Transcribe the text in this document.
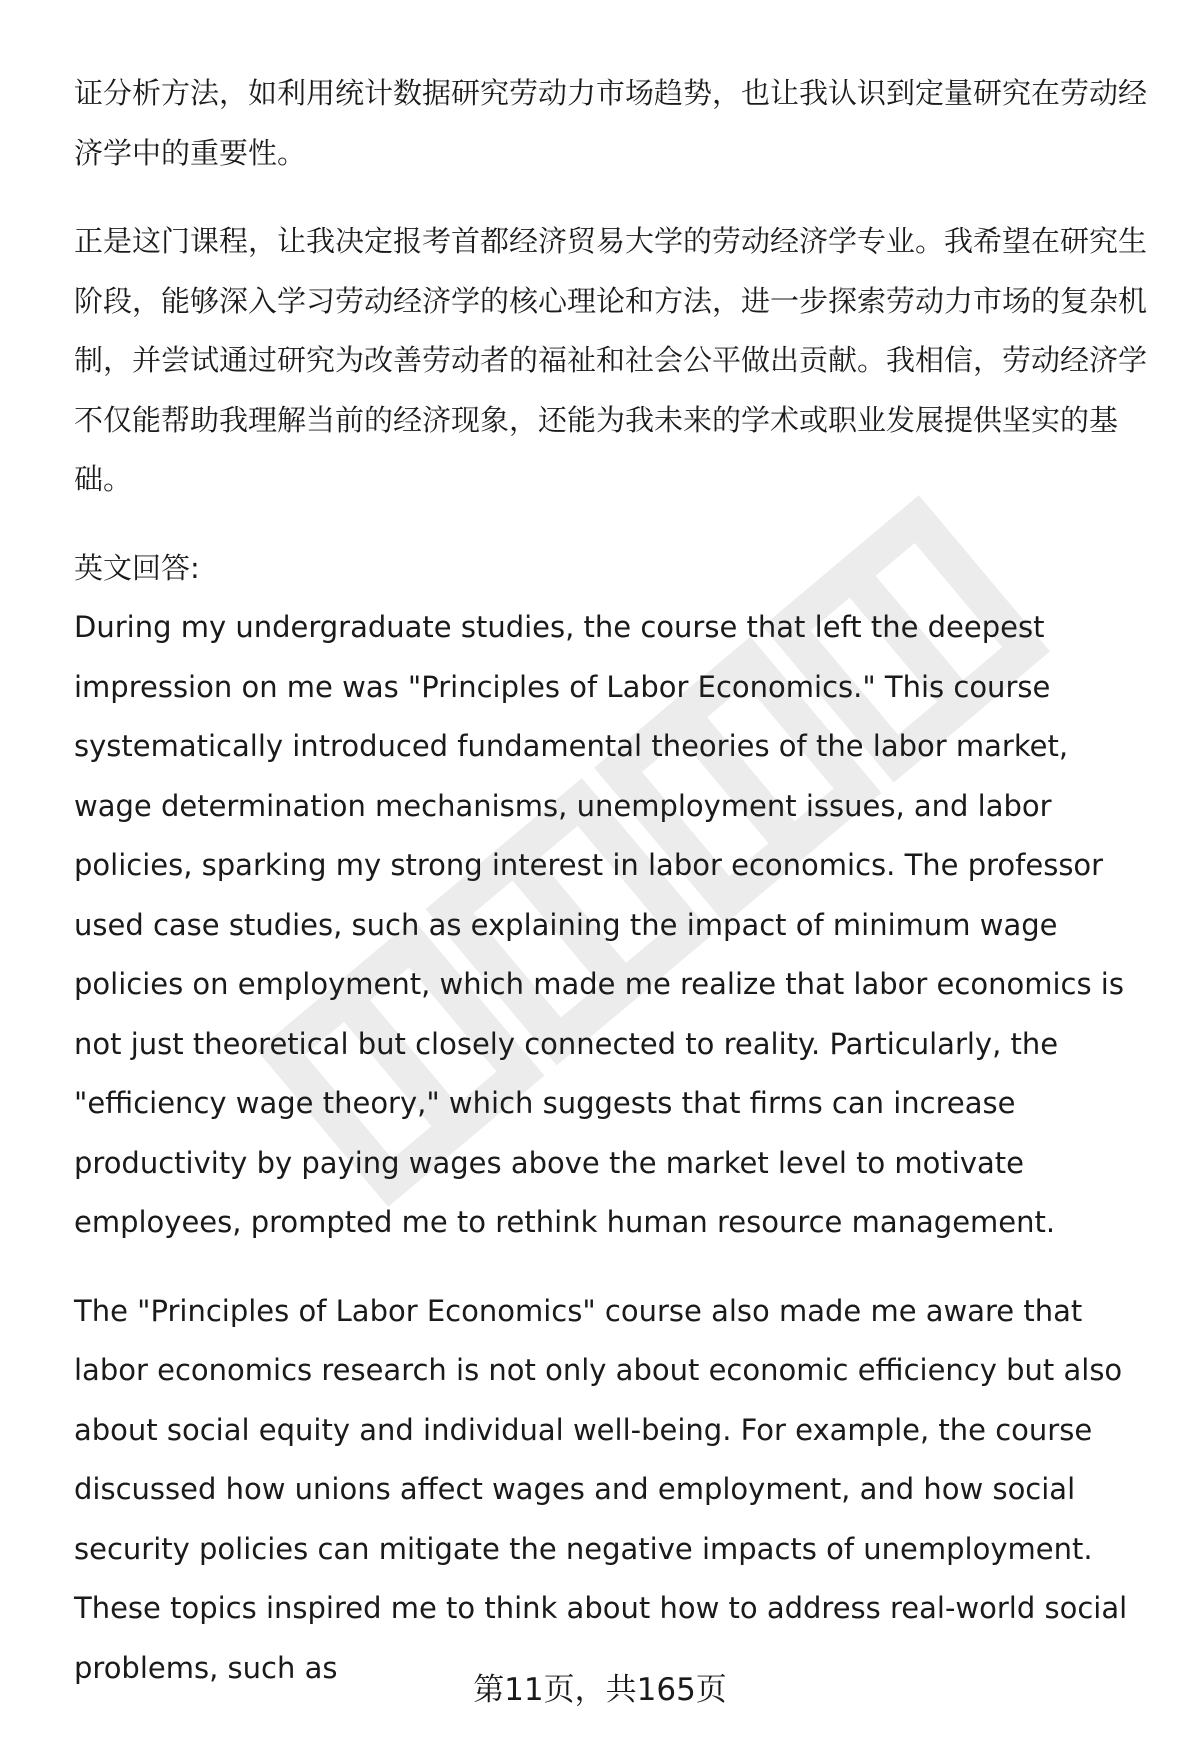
证分析方法，如利用统计数据研究劳动力市场趋势，也让我认识到定量研究在劳动经济学中的重要性。

正是这门课程，让我决定报考首都经济贸易大学的劳动经济学专业。我希望在研究生阶段，能够深入学习劳动经济学的核心理论和方法，进一步探索劳动力市场的复杂机制，并尝试通过研究为改善劳动者的福祉和社会公平做出贡献。我相信，劳动经济学不仅能帮助我理解当前的经济现象，还能为我未来的学术或职业发展提供坚实的基础。

英文回答:

During my undergraduate studies, the course that left the deepest impression on me was "Principles of Labor Economics." This course systematically introduced fundamental theories of the labor market, wage determination mechanisms, unemployment issues, and labor policies, sparking my strong interest in labor economics. The professor used case studies, such as explaining the impact of minimum wage policies on employment, which made me realize that labor economics is not just theoretical but closely connected to reality. Particularly, the "efficiency wage theory," which suggests that firms can increase productivity by paying wages above the market level to motivate employees, prompted me to rethink human resource management.

The "Principles of Labor Economics" course also made me aware that labor economics research is not only about economic efficiency but also about social equity and individual well-being. For example, the course discussed how unions affect wages and employment, and how social security policies can mitigate the negative impacts of unemployment. These topics inspired me to think about how to address real-world social problems, such as

第11页，共165页
